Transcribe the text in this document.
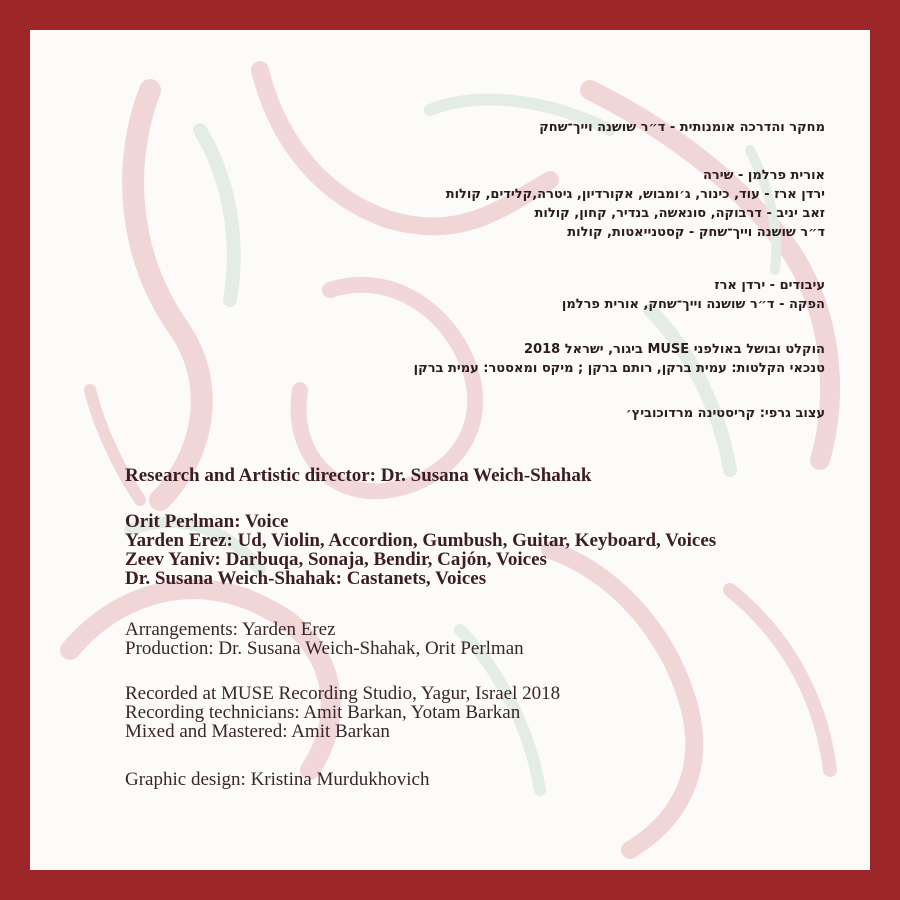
מחקר והדרכה אומנותית - ד״ר שושנה וייך־שחק
אורית פרלמן - שירה
ירדן ארז - עוד, כינור, ג׳ומבוש, אקורדיון, גיטרה,קלידים, קולות
זאב יניב - דרבוקה, סונאשה, בנדיר, קחון, קולות
ד״ר שושנה וייך־שחק - קסטנייאטות, קולות
עיבודים - ירדן ארז
הפקה - ד״ר שושנה וייך־שחק, אורית פרלמן
הוקלט ובושל באולפני MUSE ביגור, ישראל 2018
טנכאי הקלטות: עמית ברקן, רותם ברקן ; מיקס ומאסטר: עמית ברקן
עצוב גרפי: קריסטינה מרדוכוביץ׳
Research and Artistic director: Dr. Susana Weich-Shahak
Orit Perlman: Voice
Yarden Erez: Ud, Violin, Accordion, Gumbush, Guitar, Keyboard, Voices
Zeev Yaniv: Darbuqa, Sonaja, Bendir, Cajón, Voices
Dr. Susana Weich-Shahak: Castanets, Voices
Arrangements: Yarden Erez
Production: Dr. Susana Weich-Shahak, Orit Perlman
Recorded at MUSE Recording Studio, Yagur, Israel 2018
Recording technicians: Amit Barkan, Yotam Barkan
Mixed and Mastered: Amit Barkan
Graphic design: Kristina Murdukhovich
